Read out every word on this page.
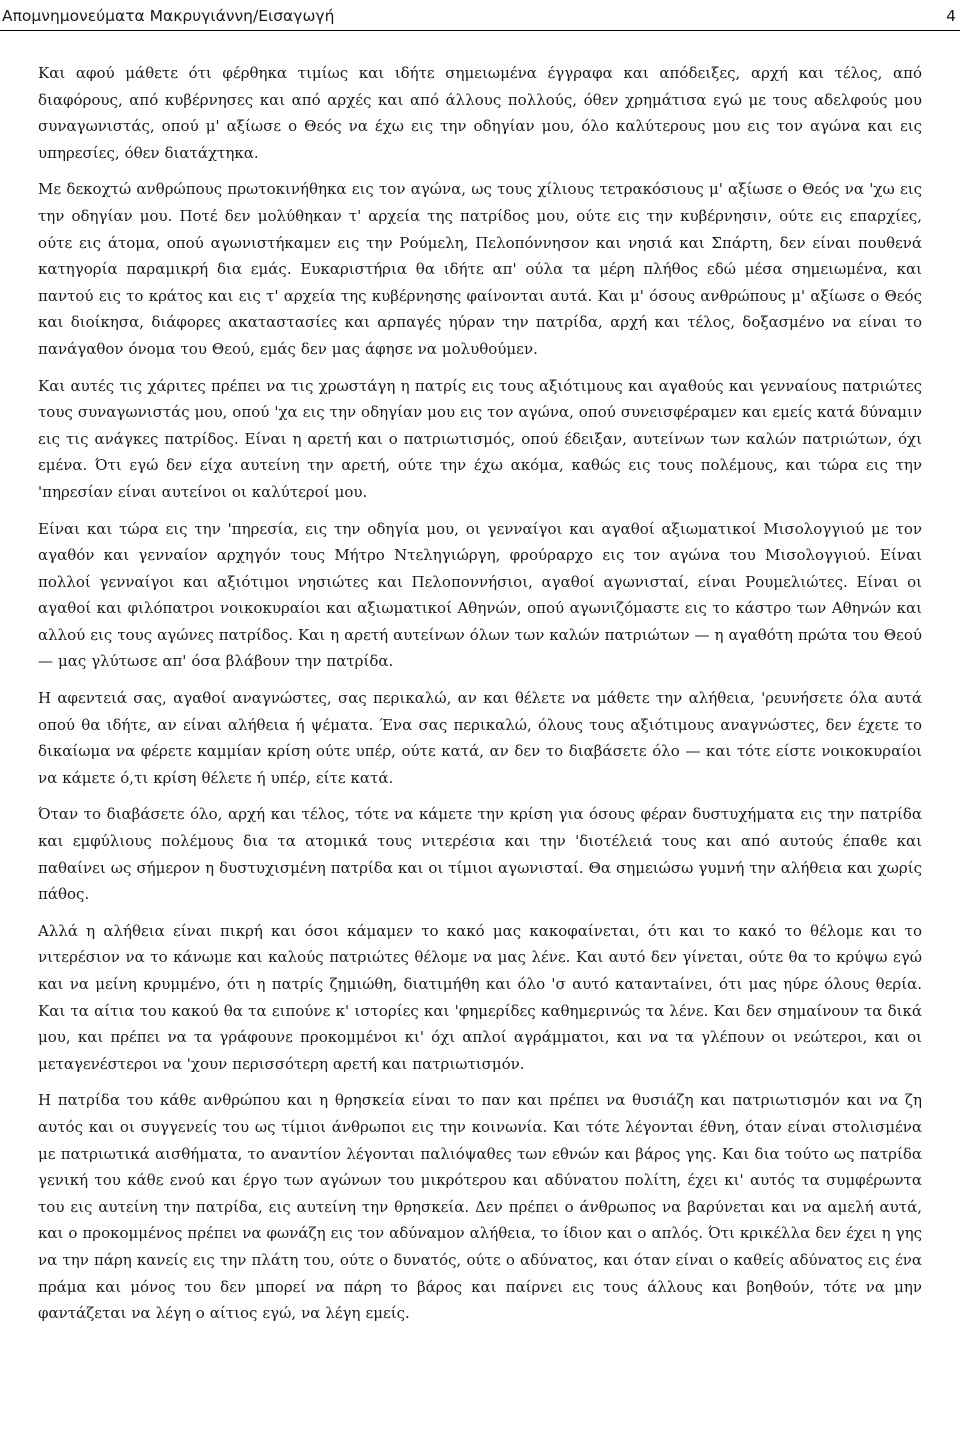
Απομνημονεύματα Μακρυγιάννη/Εισαγωγή	4

Και αφού μάθετε ότι φέρθηκα τιμίως και ιδήτε σημειωμένα έγγραφα και απόδειξες, αρχή και τέλος, από διαφόρους, από κυβέρνησες και από αρχές και από άλλους πολλούς, όθεν χρημάτισα εγώ με τους αδελφούς μου συναγωνιστάς, οπού μ' αξίωσε ο Θεός να έχω εις την οδηγίαν μου, όλο καλύτερους μου εις τον αγώνα και εις υπηρεσίες, όθεν διατάχτηκα.

Με δεκοχτώ ανθρώπους πρωτοκινήθηκα εις τον αγώνα, ως τους χίλιους τετρακόσιους μ' αξίωσε ο Θεός να 'χω εις την οδηγίαν μου. Ποτέ δεν μολύθηκαν τ' αρχεία της πατρίδος μου, ούτε εις την κυβέρνησιν, ούτε εις επαρχίες, ούτε εις άτομα, οπού αγωνιστήκαμεν εις την Ρούμελη, Πελοπόννησον και νησιά και Σπάρτη, δεν είναι πουθενά κατηγορία παραμικρή δια εμάς. Ευκαριστήρια θα ιδήτε απ' ούλα τα μέρη πλήθος εδώ μέσα σημειωμένα, και παντού εις το κράτος και εις τ' αρχεία της κυβέρνησης φαίνονται αυτά. Και μ' όσους ανθρώπους μ' αξίωσε ο Θεός και διοίκησα, διάφορες ακαταστασίες και αρπαγές ηύραν την πατρίδα, αρχή και τέλος, δοξασμένο να είναι το πανάγαθον όνομα του Θεού, εμάς δεν μας άφησε να μολυθούμεν.

Και αυτές τις χάριτες πρέπει να τις χρωστάγη η πατρίς εις τους αξιότιμους και αγαθούς και γενναίους πατριώτες τους συναγωνιστάς μου, οπού 'χα εις την οδηγίαν μου εις τον αγώνα, οπού συνεισφέραμεν και εμείς κατά δύναμιν εις τις ανάγκες πατρίδος. Είναι η αρετή και ο πατριωτισμός, οπού έδειξαν, αυτείνων των καλών πατριώτων, όχι εμένα. Ότι εγώ δεν είχα αυτείνη την αρετή, ούτε την έχω ακόμα, καθώς εις τους πολέμους, και τώρα εις την 'πηρεσίαν είναι αυτείνοι οι καλύτεροί μου.

Είναι και τώρα εις την 'πηρεσία, εις την οδηγία μου, οι γενναίγοι και αγαθοί αξιωματικοί Μισολογγιού με τον αγαθόν και γενναίον αρχηγόν τους Μήτρο Ντεληγιώργη, φρούραρχο εις τον αγώνα του Μισολογγιού. Είναι πολλοί γενναίγοι και αξιότιμοι νησιώτες και Πελοποννήσιοι, αγαθοί αγωνισταί, είναι Ρουμελιώτες. Είναι οι αγαθοί και φιλόπατροι νοικοκυραίοι και αξιωματικοί Αθηνών, οπού αγωνιζόμαστε εις το κάστρο των Αθηνών και αλλού εις τους αγώνες πατρίδος. Και η αρετή αυτείνων όλων των καλών πατριώτων — η αγαθότη πρώτα του Θεού — μας γλύτωσε απ' όσα βλάβουν την πατρίδα.

Η αφεντειά σας, αγαθοί αναγνώστες, σας περικαλώ, αν και θέλετε να μάθετε την αλήθεια, 'ρευνήσετε όλα αυτά οπού θα ιδήτε, αν είναι αλήθεια ή ψέματα. Ένα σας περικαλώ, όλους τους αξιότιμους αναγνώστες, δεν έχετε το δικαίωμα να φέρετε καμμίαν κρίση ούτε υπέρ, ούτε κατά, αν δεν το διαβάσετε όλο — και τότε είστε νοικοκυραίοι να κάμετε ό,τι κρίση θέλετε ή υπέρ, είτε κατά.

Όταν το διαβάσετε όλο, αρχή και τέλος, τότε να κάμετε την κρίση για όσους φέραν δυστυχήματα εις την πατρίδα και εμφύλιους πολέμους δια τα ατομικά τους νιτερέσια και την 'διοτέλειά τους και από αυτούς έπαθε και παθαίνει ως σήμερον η δυστυχισμένη πατρίδα και οι τίμιοι αγωνισταί. Θα σημειώσω γυμνή την αλήθεια και χωρίς πάθος.

Αλλά η αλήθεια είναι πικρή και όσοι κάμαμεν το κακό μας κακοφαίνεται, ότι και το κακό το θέλομε και το νιτερέσιον να το κάνωμε και καλούς πατριώτες θέλομε να μας λένε. Και αυτό δεν γίνεται, ούτε θα το κρύψω εγώ και να μείνη κρυμμένο, ότι η πατρίς ζημιώθη, διατιμήθη και όλο 'σ αυτό καταντaίνει, ότι μας ηύρε όλους θερία. Και τα αίτια του κακού θα τα ειπούνε κ' ιστορίες και 'φημερίδες καθημερινώς τα λένε. Και δεν σημαίνουν τα δικά μου, και πρέπει να τα γράφουνε προκομμένοι κι' όχι απλοί αγράμματοι, και να τα γλέπουν οι νεώτεροι, και οι μεταγενέστεροι να 'χουν περισσότερη αρετή και πατριωτισμόν.

Η πατρίδα του κάθε ανθρώπου και η θρησκεία είναι το παν και πρέπει να θυσιάζη και πατριωτισμόν και να ζη αυτός και οι συγγενείς του ως τίμιοι άνθρωποι εις την κοινωνία. Και τότε λέγονται έθνη, όταν είναι στολισμένα με πατριωτικά αισθήματα, το αναντίον λέγονται παλιόψαθες των εθνών και βάρος γης. Και δια τούτο ως πατρίδα γενική του κάθε ενού και έργο των αγώνων του μικρότερου και αδύνατου πολίτη, έχει κι' αυτός τα συμφέρωντα του εις αυτείνη την πατρίδα, εις αυτείνη την θρησκεία. Δεν πρέπει ο άνθρωπος να βαρύνεται και να αμελή αυτά, και ο προκομμένος πρέπει να φωνάζη εις τον αδύναμον αλήθεια, το ίδιον και ο απλός. Ότι κρικέλλα δεν έχει η γης να την πάρη κανείς εις την πλάτη του, ούτε ο δυνατός, ούτε ο αδύνατος, και όταν είναι ο καθείς αδύνατος εις ένα πράμα και μόνος του δεν μπορεί να πάρη το βάρος και παίρνει εις τους άλλους και βοηθούν, τότε να μην φαντάζεται να λέγη ο αίτιος εγώ, να λέγη εμείς.
